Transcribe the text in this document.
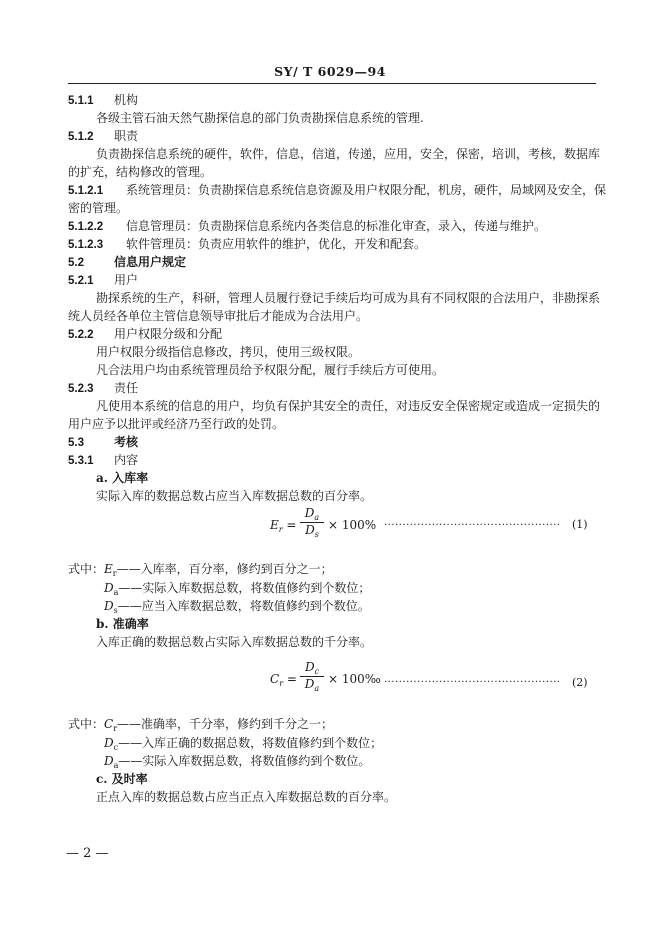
SY/ T 6029—94
5.1.1 机构
各级主管石油天然气勘探信息的部门负责勘探信息系统的管理.
5.1.2 职责
负责勘探信息系统的硬件，软件，信息，信道，传递，应用，安全，保密，培训，考核，数据库
的扩充，结构修改的管理。
5.1.2.1 系统管理员：负责勘探信息系统信息资源及用户权限分配，机房，硬件，局域网及安全，保
密的管理。
5.1.2.2 信息管理员：负责勘探信息系统内各类信息的标准化审查，录入，传递与维护。
5.1.2.3 软件管理员：负责应用软件的维护，优化，开发和配套。
5.2	信息用户规定
5.2.1 用户
勘探系统的生产，科研，管理人员履行登记手续后均可成为具有不同权限的合法用户，非勘探系
统人员经各单位主管信息领导审批后才能成为合法用户。
5.2.2 用户权限分级和分配
用户权限分级指信息修改，拷贝，使用三级权限。
凡合法用户均由系统管理员给予权限分配，履行手续后方可使用。
5.2.3 责任
凡使用本系统的信息的用户，均负有保护其安全的责任，对违反安全保密规定或造成一定损失的
用户应予以批评或经济乃至行政的处罚。
5.3	考核
5.3.1 内容
a. 入库率
实际入库的数据总数占应当入库数据总数的百分率。
$E_r$ =
$D_a$
$D_s$
× 100% ················································	(1)
式中：$E_r——$入库率，百分率，修约到百分之一；
$D_a——$实际入库数据总数，将数值修约到个数位；
$D_s——$应当入库数据总数，将数值修约到个数位。
b. 准确率
入库正确的数据总数占实际入库数据总数的千分率。
$C_r$ =
$D_c$
$D_a$
× 100‰ ················································	(2)
式中：$C_r——$准确率，千分率，修约到千分之一；
$D_c——$入库正确的数据总数，将数值修约到个数位；
$D_a——$实际入库数据总数，将数值修约到个数位。
c. 及时率
正点入库的数据总数占应当正点入库数据总数的百分率。
— 2 —
